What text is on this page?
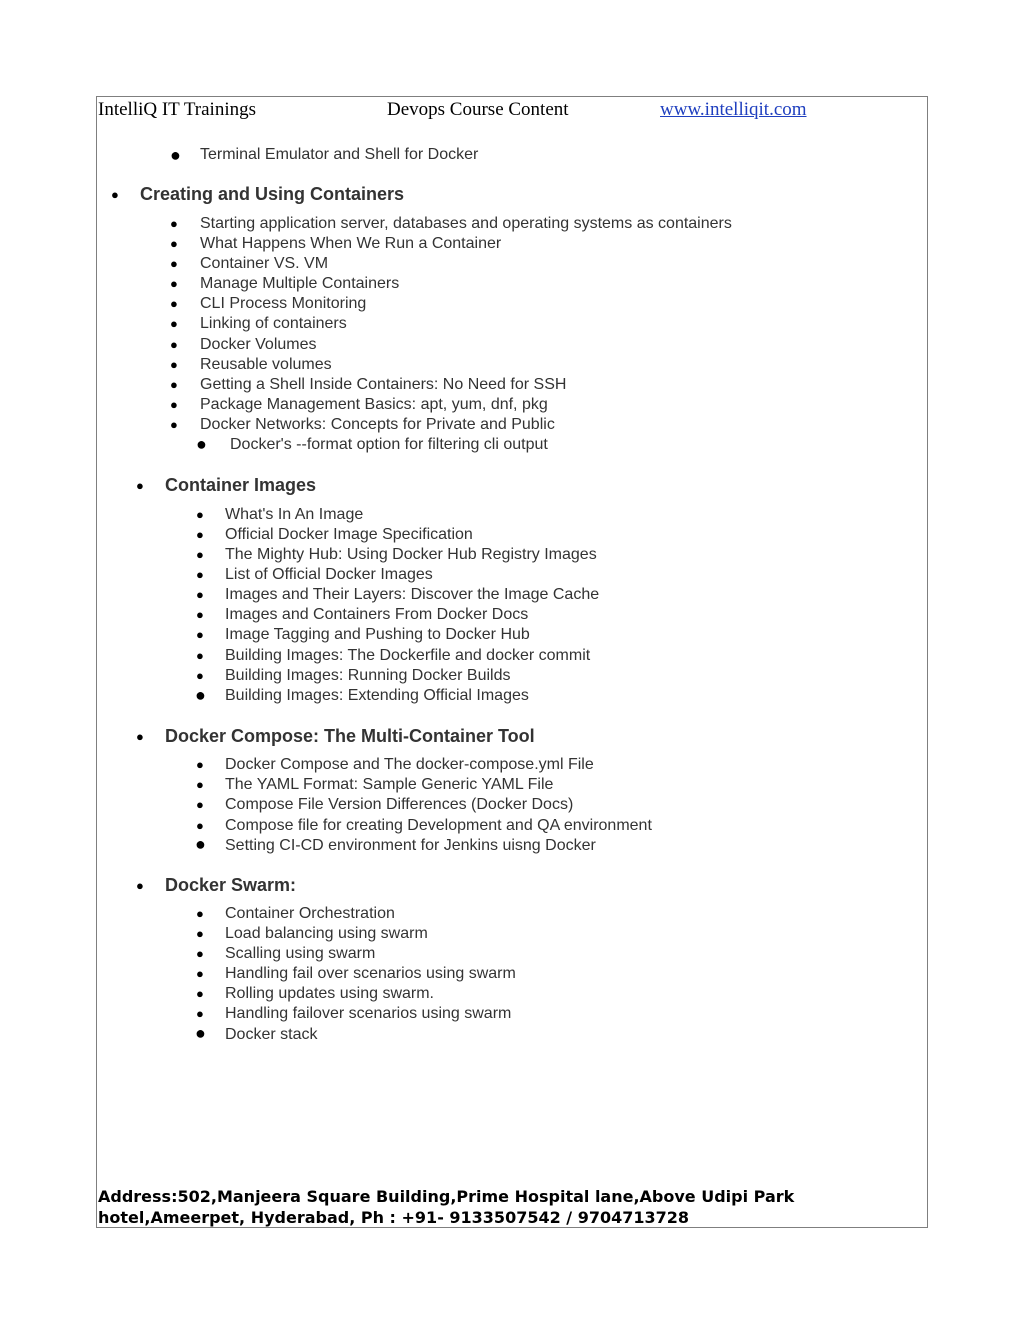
IntelliQ IT Trainings	Devops Course Content	www.intelliqit.com
● Terminal Emulator and Shell for Docker
● Creating and Using Containers
● Starting application server, databases and operating systems as containers
● What Happens When We Run a Container
● Container VS. VM
● Manage Multiple Containers
● CLI Process Monitoring
● Linking of containers
● Docker Volumes
● Reusable volumes
● Getting a Shell Inside Containers: No Need for SSH
● Package Management Basics: apt, yum, dnf, pkg
● Docker Networks: Concepts for Private and Public
● Docker's --format option for filtering cli output
● Container Images
● What's In An Image
● Official Docker Image Specification
● The Mighty Hub: Using Docker Hub Registry Images
● List of Official Docker Images
● Images and Their Layers: Discover the Image Cache
● Images and Containers From Docker Docs
● Image Tagging and Pushing to Docker Hub
● Building Images: The Dockerfile and docker commit
● Building Images: Running Docker Builds
● Building Images: Extending Official Images
● Docker Compose: The Multi-Container Tool
● Docker Compose and The docker-compose.yml File
● The YAML Format: Sample Generic YAML File
● Compose File Version Differences (Docker Docs)
● Compose file for creating Development and QA environment
● Setting CI-CD environment for Jenkins uisng Docker
● Docker Swarm:
● Container Orchestration
● Load balancing using swarm
● Scalling using swarm
● Handling fail over scenarios using swarm
● Rolling updates using swarm.
● Handling failover scenarios using swarm
● Docker stack
Address:502,Manjeera Square Building,Prime Hospital lane,Above Udipi Park
hotel,Ameerpet, Hyderabad, Ph : +91- 9133507542 / 9704713728
